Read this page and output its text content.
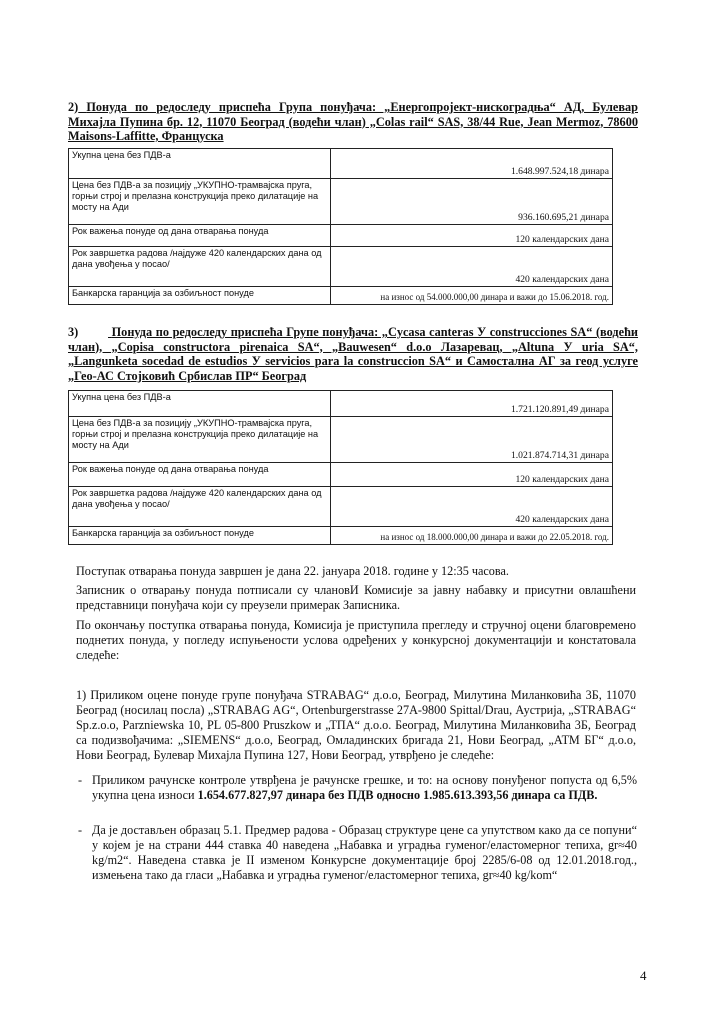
2) Понуда по редоследу приспећа Група понуђача: „Енергопројект-нискоградња“ АД, Булевар Михајла Пупина бр. 12, 11070 Београд (водећи члан) „Colas rail“ SAS, 38/44 Rue, Jean Mermoz, 78600 Maisons-Laffitte, Француска
Укупна цена без ПДВ-а	1.648.997.524,18 динара
Цена без ПДВ-а за позицију „УКУПНО-трамвајска пруга, горњи строј и прелазна конструкција преко дилатације на мосту на Ади	936.160.695,21 динара
Рок важења понуде од дана отварања понуда	120 календарских дана
Рок завршетка радова /најдуже 420 календарских дана од дана увођења у посао/	420 календарских дана
Банкарска гаранција за озбиљност понуде	на износ од 54.000.000,00 динара и важи до 15.06.2018. год.
3)	Понуда по редоследу приспећа Групе понуђача: „Cycasa canteras У construcciones SA“ (водећи члан), „Copisa constructora pirenaica SA“, „Bauwesen“ d.o.o Лазаревац, „Altuna У uria SA“, „Langunketa socedad de estudios У servicios para la construccion SA“ и Самостална АГ за геод услуге „Гео-АС Стојковић Србислав ПР“ Београд
Укупна цена без ПДВ-а	1.721.120.891,49 динара
Цена без ПДВ-а за позицију „УКУПНО-трамвајска пруга, горњи строј и прелазна конструкција преко дилатације на мосту на Ади	1.021.874.714,31 динара
Рок важења понуде од дана отварања понуда	120 календарских дана
Рок завршетка радова /најдуже 420 календарских дана од дана увођења у посао/	420 календарских дана
Банкарска гаранција за озбиљност понуде	на износ од 18.000.000,00 динара и важи до 22.05.2018. год.
Поступак отварања понуда завршен је дана 22. јануара 2018. године у 12:35 часова.
Записник о отварању понуда потписали су члановИ Комисије за јавну набавку и присутни овлашћени представници понуђача који су преузели примерак Записника.
По окончању поступка отварања понуда, Комисија је приступила прегледу и стручној оцени благовремено поднетих понуда, у погледу испуњености услова одређених у конкурсној документацији и констатовала следеће:
1) Приликом оцене понуде групе понуђача STRABAG“ д.о.о, Београд, Милутина Миланковића 3Б, 11070 Београд (носилац посла) „STRABAG AG“, Ortenburgerstrasse 27A-9800 Spittal/Drau, Аустрија, „STRABAG“ Sp.z.o.o, Parzniewska 10, PL 05-800 Pruszkow и „ТПА“ д.о.о. Београд, Милутина Миланковића 3Б, Београд са подизвођачима: „SIEMENS“ д.о.о, Београд, Омладинских бригада 21, Нови Београд, „АТМ БГ“ д.о.о, Нови Београд, Булевар Михајла Пупина 127, Нови Београд, утврђено је следеће:
- Приликом рачунске контроле утврђена је рачунске грешке, и то: на основу понуђеног попуста од 6,5% укупна цена износи 1.654.677.827,97 динара без ПДВ односно 1.985.613.393,56 динара са ПДВ.
- Да је достављен образац 5.1. Предмер радова - Образац структуре цене са упутством како да се попуни“ у којем је на страни 444 ставка 40 наведена „Набавка и уградња гуменог/еластомерног тепиха, gr≈40 kg/m2“. Наведена ставка је II изменом Конкурсне документације број 2285/6-08 од 12.01.2018.год., измењена тако да гласи „Набавка и уградња гуменог/еластомерног тепиха, gr≈40 kg/kom“
4
